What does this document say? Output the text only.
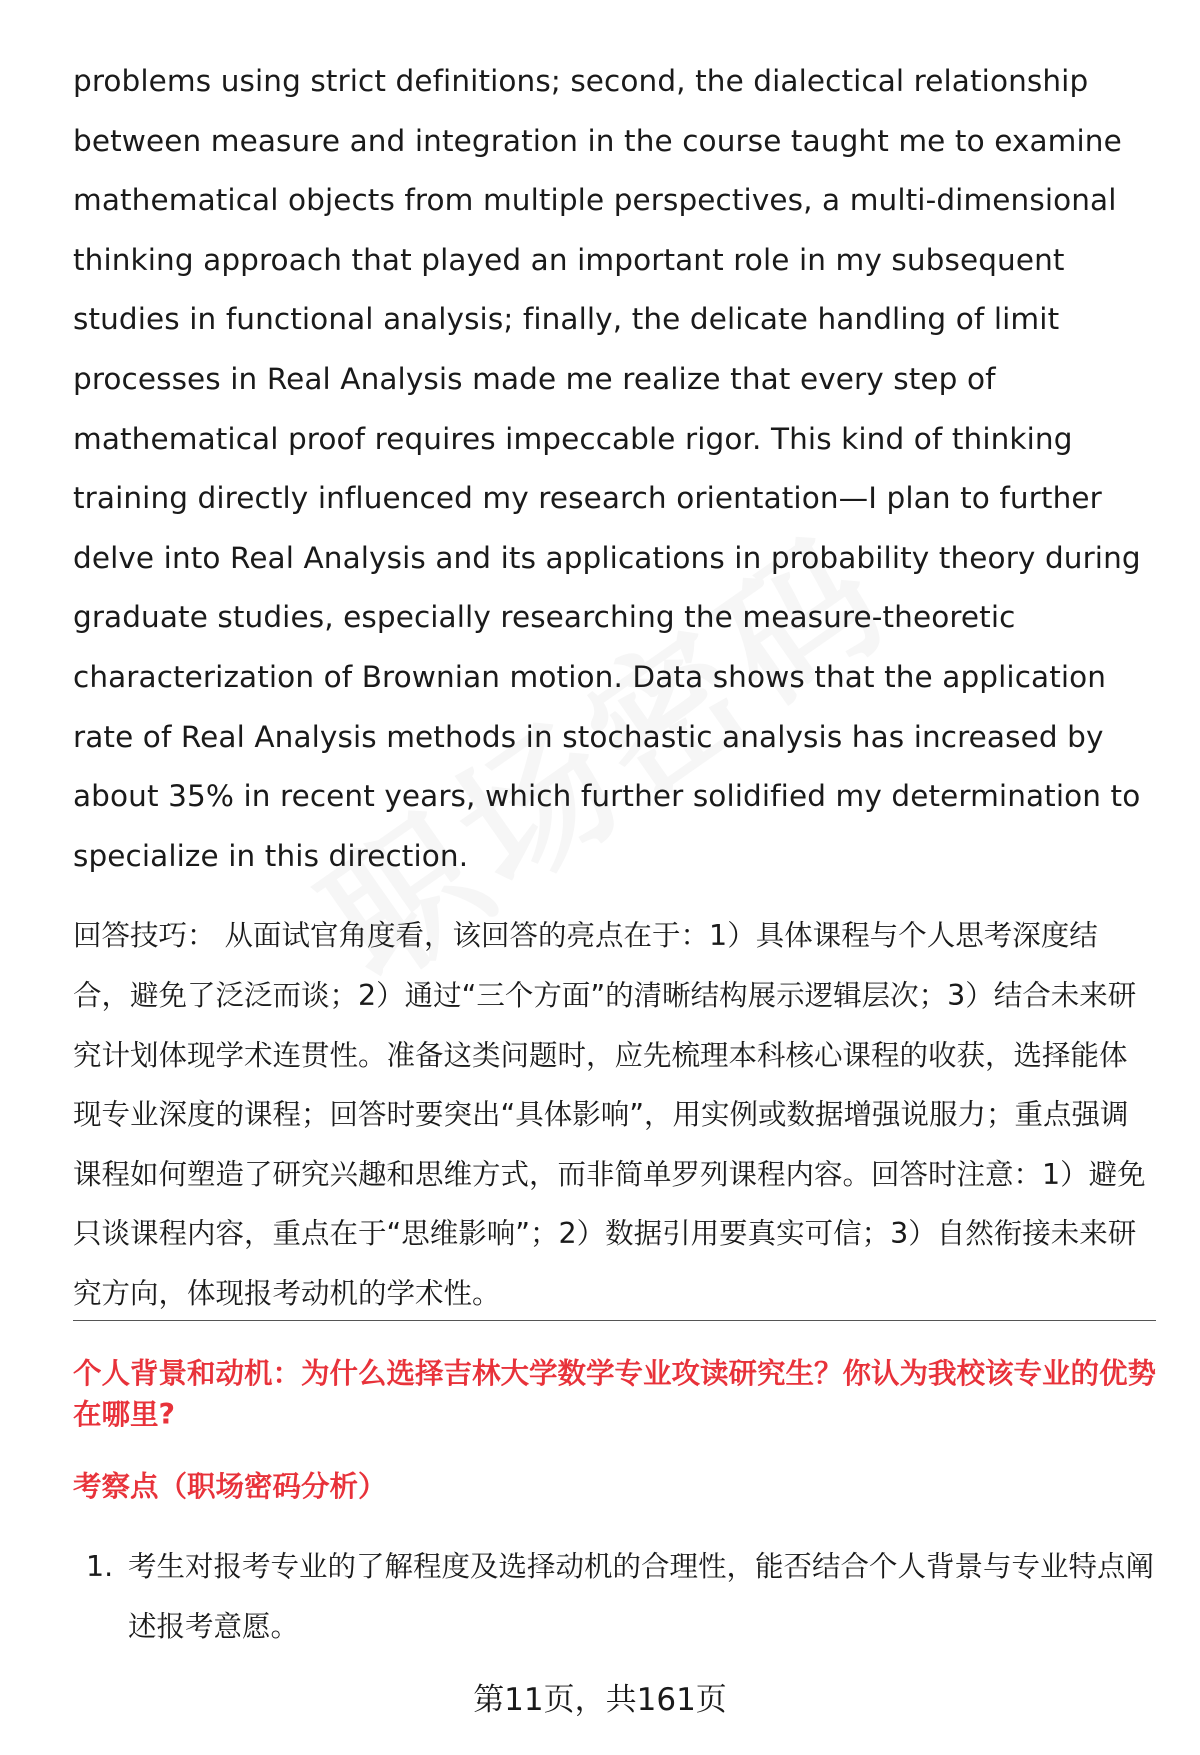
problems using strict definitions; second, the dialectical relationship between measure and integration in the course taught me to examine mathematical objects from multiple perspectives, a multi-dimensional thinking approach that played an important role in my subsequent studies in functional analysis; finally, the delicate handling of limit processes in Real Analysis made me realize that every step of mathematical proof requires impeccable rigor. This kind of thinking training directly influenced my research orientation—I plan to further delve into Real Analysis and its applications in probability theory during graduate studies, especially researching the measure-theoretic characterization of Brownian motion. Data shows that the application rate of Real Analysis methods in stochastic analysis has increased by about 35% in recent years, which further solidified my determination to specialize in this direction.

回答技巧： 从面试官角度看，该回答的亮点在于：1）具体课程与个人思考深度结合，避免了泛泛而谈；2）通过“三个方面”的清晰结构展示逻辑层次；3）结合未来研究计划体现学术连贯性。准备这类问题时，应先梳理本科核心课程的收获，选择能体现专业深度的课程；回答时要突出“具体影响”，用实例或数据增强说服力；重点强调课程如何塑造了研究兴趣和思维方式，而非简单罗列课程内容。回答时注意：1）避免只谈课程内容，重点在于“思维影响”；2）数据引用要真实可信；3）自然衔接未来研究方向，体现报考动机的学术性。

个人背景和动机：为什么选择吉林大学数学专业攻读研究生？你认为我校该专业的优势在哪里?

考察点（职场密码分析）

1. 考生对报考专业的了解程度及选择动机的合理性，能否结合个人背景与专业特点阐述报考意愿。
第11页，共161页
